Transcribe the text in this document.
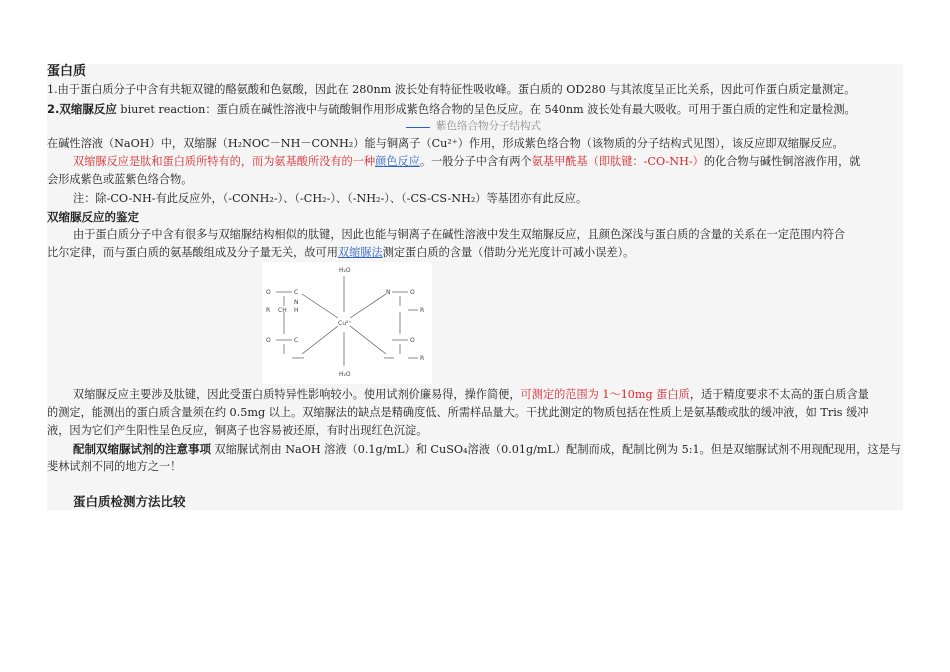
蛋白质
1.由于蛋白质分子中含有共轭双键的酪氨酸和色氨酸，因此在 280nm 波长处有特征性吸收峰。蛋白质的 OD280 与其浓度呈正比关系，因此可作蛋白质定量测定。
2.双缩脲反应 biuret reaction：蛋白质在碱性溶液中与硫酸铜作用形成紫色络合物的呈色反应。在 540nm 波长处有最大吸收。可用于蛋白质的定性和定量检测。
紫色络合物分子结构式
在碱性溶液（NaOH）中，双缩脲（H₂NOC－NH－CONH₂）能与铜离子（Cu²⁺）作用，形成紫色络合物（该物质的分子结构式见图），该反应即双缩脲反应。
双缩脲反应是肽和蛋白质所特有的，而为氨基酸所没有的一种颜色反应。一般分子中含有两个氨基甲酰基（即肽键：-CO-NH-）的化合物与碱性铜溶液作用，就
会形成紫色或蓝紫色络合物。
注：除-CO-NH-有此反应外，（-CONH₂-）、（-CH₂-）、（-NH₂-）、（-CS-CS-NH₂）等基团亦有此反应。
双缩脲反应的鉴定
由于蛋白质分子中含有很多与双缩脲结构相似的肽键，因此也能与铜离子在碱性溶液中发生双缩脲反应，且颜色深浅与蛋白质的含量的关系在一定范围内符合
比尔定律，而与蛋白质的氨基酸组成及分子量无关，故可用双缩脲法测定蛋白质的含量（借助分光光度计可减小误差）。
H₂O
H₂O
Cu²⁺
O	C
N
H
R CH
O	C
N	O
R
O
R
双缩脲反应主要涉及肽键，因此受蛋白质特异性影响较小。使用试剂价廉易得，操作简便，可测定的范围为 1～10mg 蛋白质，适于精度要求不太高的蛋白质含量
的测定，能测出的蛋白质含量须在约 0.5mg 以上。双缩脲法的缺点是精确度低、所需样品量大。干扰此测定的物质包括在性质上是氨基酸或肽的缓冲液，如 Tris 缓冲
液，因为它们产生阳性呈色反应，铜离子也容易被还原，有时出现红色沉淀。
配制双缩脲试剂的注意事项 双缩脲试剂由 NaOH 溶液（0.1g/mL）和 CuSO₄溶液（0.01g/mL）配制而成，配制比例为 5:1。但是双缩脲试剂不用现配现用，这是与
斐林试剂不同的地方之一！
蛋白质检测方法比较
